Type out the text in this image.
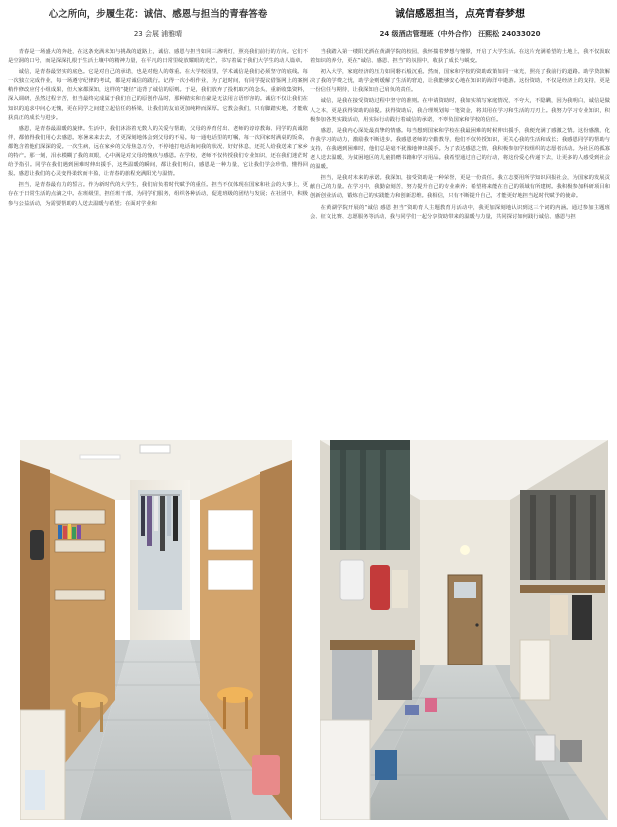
心之所向，步履生花：诚信、感恩与担当的青春答卷
23 会展 浦雅晴

青春是一场盛大的奔赴，在这条充满未知与挑战的道路上，诚信、感恩与担当如同三盏明灯，照亮我们前行的方向。它们不是空洞的口号，而是深深扎根于生活土壤中的精神力量，在平凡的日常里绽放耀眼的光芒，书写着属于我们大学生的动人篇章。

诚信，是青春最坚实的底色。它是对自己的承诺，也是对他人的尊重。在大学校园里，学术诚信是我们必须坚守的底线。每一次独立完成作业，每一场遵守纪律的考试，都是对诚信的践行。记得一次小组作业，为了赶时间，有同学提议借鉴网上的案例稍作修改应付小组成果，但大家都深知，这样的“捷径”违背了诚信的原则。于是，我们放弃了投机取巧的念头，重新收集资料，深入调研，虽然过程辛苦，但当最终完成属于我们自己的原创作品时，那种踏实和自豪是无法用言语形容的。诚信不仅让我们在知识的追求中问心无愧，更在同学之间建立起信任的桥梁，让我们的友谊更加纯粹而深厚。它教会我们，只有脚踏实地，才能收获真正的成长与进步。

感恩，是青春最温暖的旋律。生活中，我们沐浴着无数人的关爱与帮助，父母的养育付出、老师的谆谆教诲、同学的真诚陪伴，都值得我们用心去感恩。寒暑来来去去，才更深刻地体会到父母的不易。每一通电话里的叮嘱，每一次回家时满桌的饭菜，都饱含着他们深深的爱。一次生病，远在家乡的父母焦急万分，不停地打电话询问我的状况、好好休息，还托人给我送来了家乡的特产。那一刻，泪水模糊了我的双眼，心中满是对父母的愧疚与感恩。在学校，老师不仅传授我们专业知识，还在我们迷茫时给予指引。同学在我们遇到困难时伸出援手，这些温暖的瞬间，都让我们明白，感恩是一种力量，它让我们学会珍惜，懂得回报。感恩让我们的心灵变得柔软而丰盈，让青春的旅程充满阳光与温情。

担当，是青春最有力的誓言。作为新时代的大学生，我们肩负着时代赋予的重任。担当不仅体现在国家和社会的大事上，更存在于日常生活的点滴之中。在班级里，担任班干部，为同学们服务，组织各种活动，促进班级的团结与发展；在社团中，积极参与公益活动，为需要帮助的人送去温暖与希望；在面对学业和

诚信感恩担当，点亮青春梦想
24 级酒店管理班（中外合作） 汪熙松 24033020

当我踏入第一缕阳光洒在黄湖学院的校园，我怀揣着梦想与憧憬，开启了大学生活。在这片充满希望的土地上，我不仅汲取着知识的养分，更在“诚信、感恩、担当”的氛围中，收获了成长与蜕变。

初入大学，家庭经济的压力如同磐石般沉重。然而，国家和学校的资助政策如同一束光，照亮了我前行的道路。助学贷款解决了我的学费之忧，助学金则缓解了生活的窘迫，让我能够安心地在知识的海洋中遨游。这份资助，不仅是经济上的支持，更是一份信任与期待，让我深知自己肩负的责任。

诚信，是我在接受资助过程中坚守的准则。在申请资助时，我如实填写家庭情况，不夸大，不隐瞒，因为我明白，诚信是做人之本，更是获得资助的前提。获得资助后，我合理规划每一笔资金，将其用在学习和生活的刀刃上。我努力学习专业知识，积极参加各类实践活动，用实际行动践行着诚信的承诺，不辜负国家和学校的信任。

感恩，是我内心深处最真挚的情感。每当想到国家和学校在我最困难的时候伸出援手，我便充满了感激之情。这份感激，化作我学习的动力，激励我不断进步。我感恩老师的辛勤教导，他们不仅传授知识，更关心我的生活和成长；我感恩同学的帮助与支持，在我遇到困难时，他们总是毫不犹豫地伸出援手。为了表达感恩之情，我积极参加学校组织的志愿者活动。为社区的孤寡老人送去温暖，为贫困地区的儿童捐赠书籍和学习用品。我希望通过自己的行动，将这份爱心传递下去，让更多的人感受到社会的温暖。

担当，是我对未来的承诺。我深知，接受资助是一种荣誉，更是一份责任。我立志要用所学知识回报社会，为国家的发展贡献自己的力量。在学习中，我勤奋刻苦，努力提升自己的专业素养；希望将来能在自己的领域有所建树。我积极参加科研项目和创新创业活动，锻炼自己的实践能力和创新思维。我相信，只有不断提升自己，才能更好地担当起时代赋予的使命。

在黄湖学院开展的“诚信 感恩 担当”资助育人主题教育月活动中，我更加深刻地认识到这三个词的内涵。通过参加主题班会、征文比赛、志愿服务等活动，我与同学们一起分享资助带来的温暖与力量，共同探讨如何践行诚信、感恩与担
